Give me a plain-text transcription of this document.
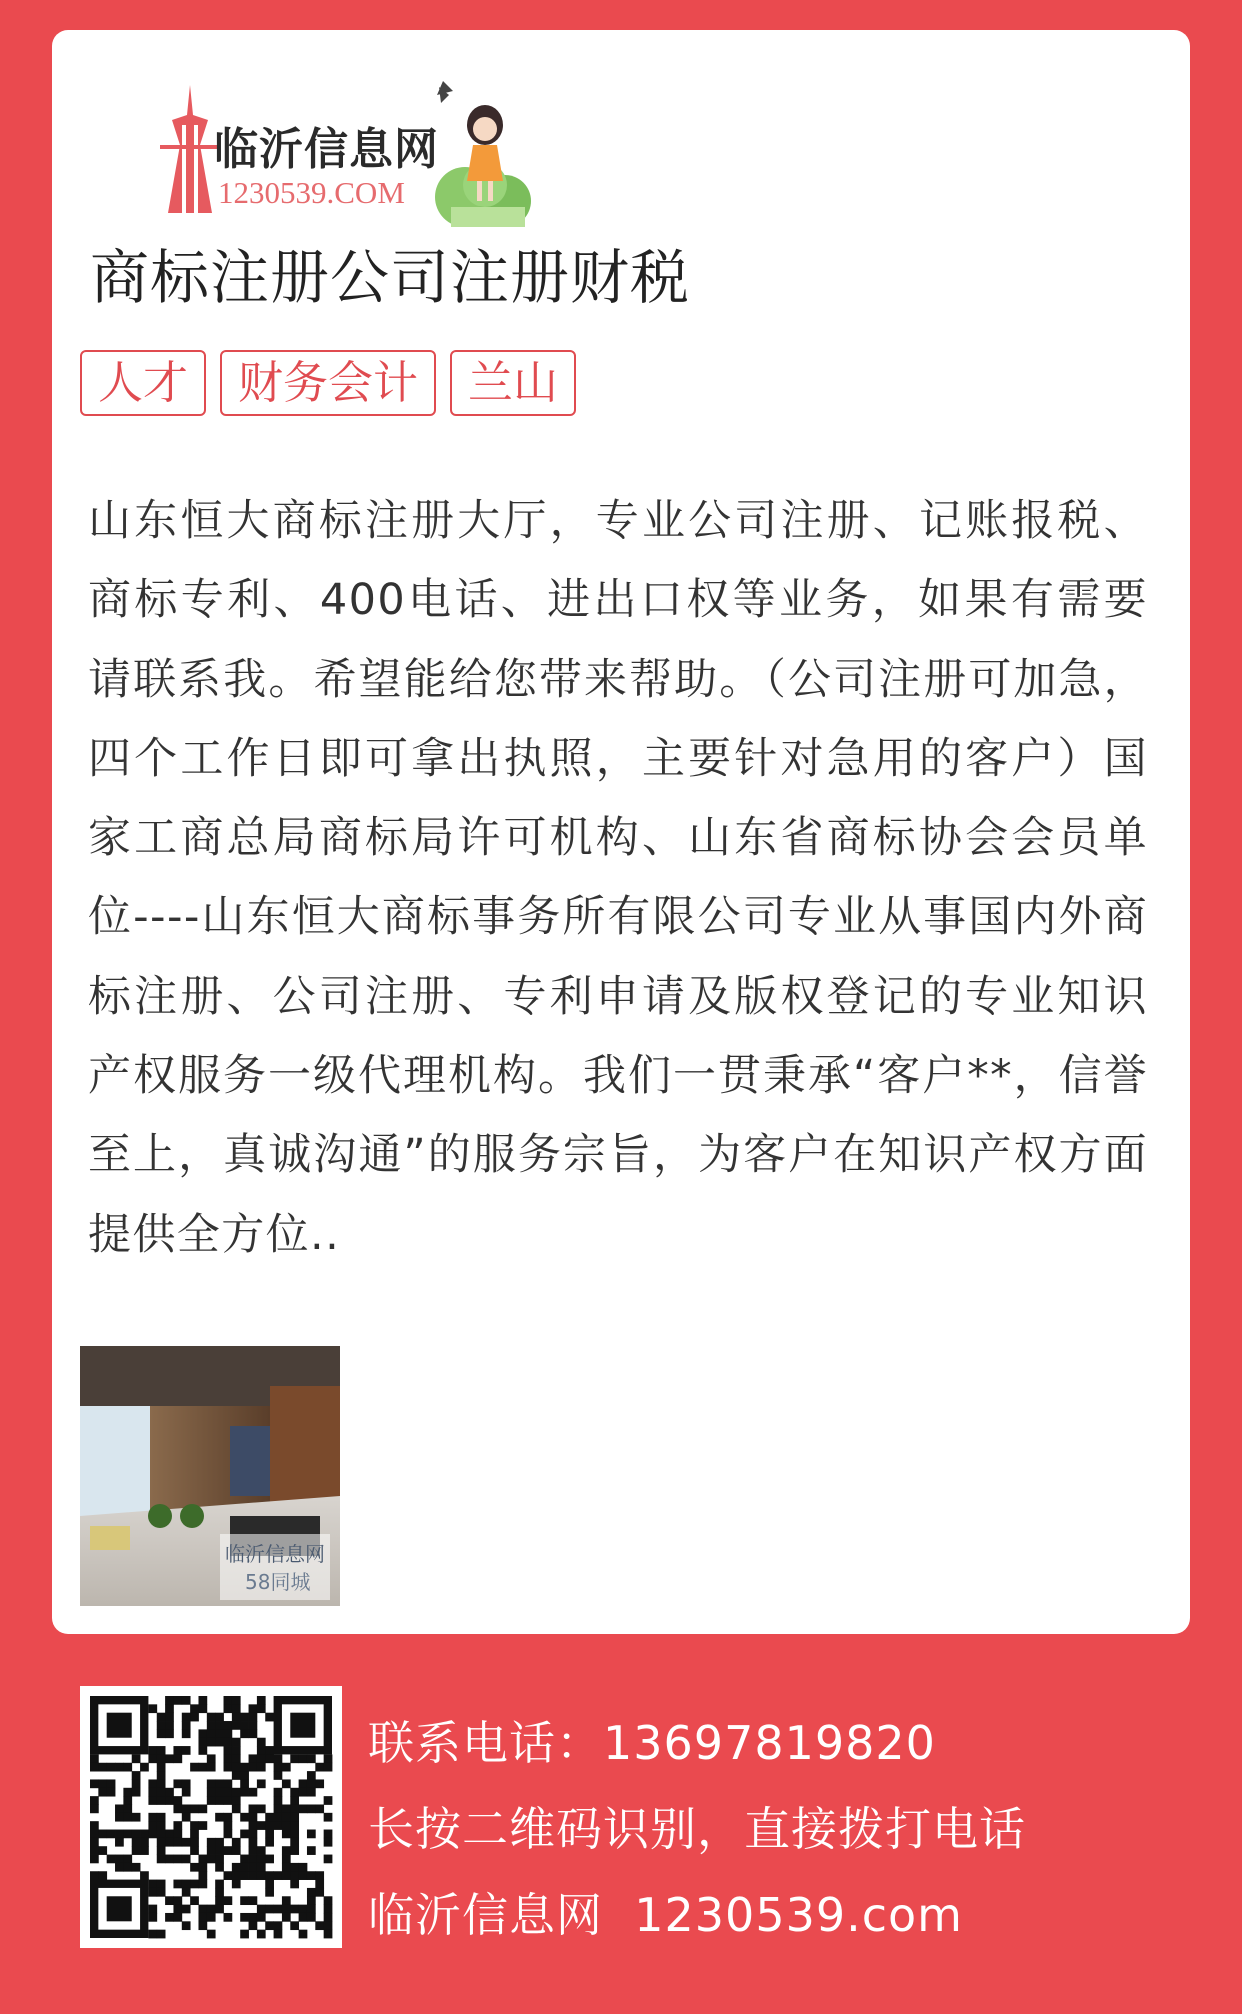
临沂信息网
1230539.COM
商标注册公司注册财税
人才	财务会计	兰山

山东恒大商标注册大厅，专业公司注册、记账报税、商标专利、400电话、进出口权等业务，如果有需要请联系我。希望能给您带来帮助。（公司注册可加急，四个工作日即可拿出执照，主要针对急用的客户）国家工商总局商标局许可机构、山东省商标协会会员单位----山东恒大商标事务所有限公司专业从事国内外商标注册、公司注册、专利申请及版权登记的专业知识产权服务一级代理机构。我们一贯秉承“客户**，信誉至上，真诚沟通”的服务宗旨，为客户在知识产权方面提供全方位..

临沂信息网
58同城
联系电话：13697819820
长按二维码识别，直接拨打电话
临沂信息网 1230539.com
